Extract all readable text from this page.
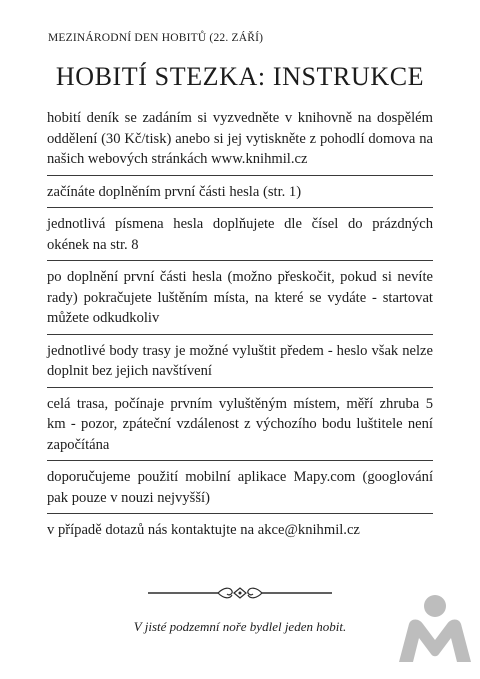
MEZINÁRODNÍ DEN HOBITŮ (22. ZÁŘÍ)
HOBITÍ STEZKA: INSTRUKCE
hobití deník se zadáním si vyzvedněte v knihovně na dospělém oddělení (30 Kč/tisk) anebo si jej vytiskněte z pohodlí domova na našich webových stránkách www.knihmil.cz
začínáte doplněním první části hesla (str. 1)
jednotlivá písmena hesla doplňujete dle čísel do prázdných okének na str. 8
po doplnění první části hesla (možno přeskočit, pokud si nevíte rady) pokračujete luštěním místa, na které se vydáte - startovat můžete odkudkoliv
jednotlivé body trasy je možné vyluštit předem - heslo však nelze doplnit bez jejich navštívení
celá trasa, počínaje prvním vyluštěným místem, měří zhruba 5 km - pozor, zpáteční vzdálenost z výchozího bodu luštitele není započítána
doporučujeme použití mobilní aplikace Mapy.com (googlování pak pouze v nouzi nejvyšší)
v případě dotazů nás kontaktujte na akce@knihmil.cz
V jisté podzemní noře bydlel jeden hobit.
